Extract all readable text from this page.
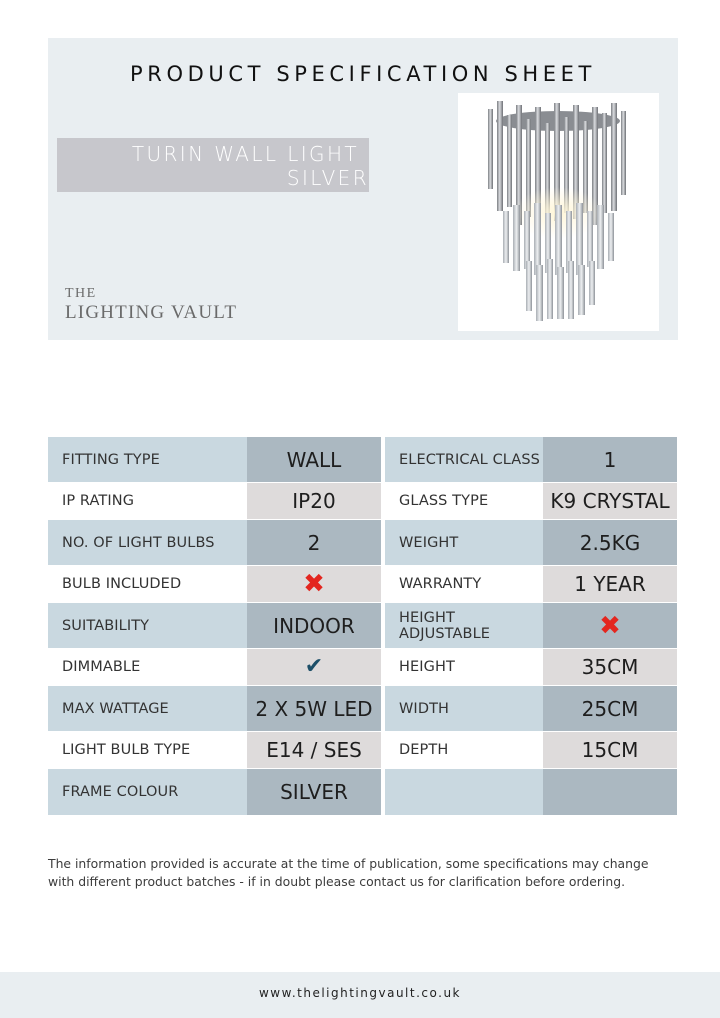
PRODUCT SPECIFICATION SHEET
TURIN WALL LIGHT
SILVER
THE
LIGHTING VAULT
FITTING TYPE	WALL
IP RATING	IP20
NO. OF LIGHT BULBS	2
BULB INCLUDED	✖
SUITABILITY	INDOOR
DIMMABLE	✔
MAX WATTAGE	2 X 5W LED
LIGHT BULB TYPE	E14 / SES
FRAME COLOUR	SILVER
ELECTRICAL CLASS	1
GLASS TYPE	K9 CRYSTAL
WEIGHT	2.5KG
WARRANTY	1 YEAR
HEIGHT ADJUSTABLE	✖
HEIGHT	35CM
WIDTH	25CM
DEPTH	15CM
The information provided is accurate at the time of publication, some specifications may change
with different product batches - if in doubt please contact us for clarification before ordering.
www.thelightingvault.co.uk
